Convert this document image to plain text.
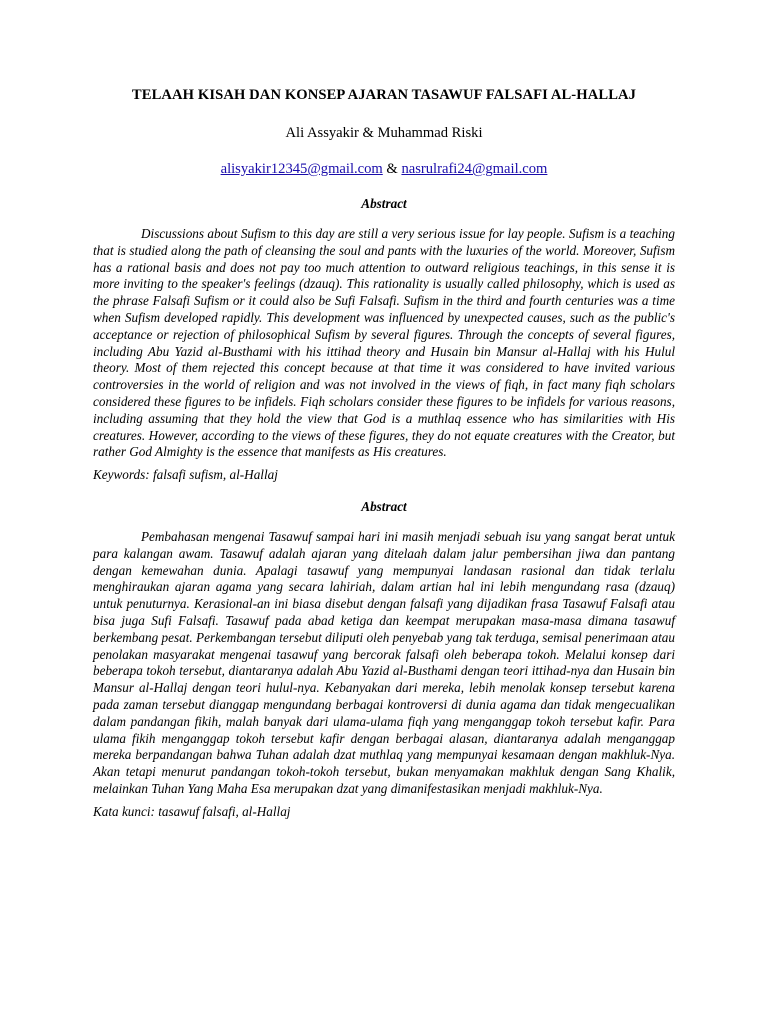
TELAAH KISAH DAN KONSEP AJARAN TASAWUF FALSAFI AL-HALLAJ

Ali Assyakir & Muhammad Riski

alisyakir12345@gmail.com & nasrulrafi24@gmail.com

Abstract

Discussions about Sufism to this day are still a very serious issue for lay people. Sufism is a teaching that is studied along the path of cleansing the soul and pants with the luxuries of the world. Moreover, Sufism has a rational basis and does not pay too much attention to outward religious teachings, in this sense it is more inviting to the speaker's feelings (dzauq). This rationality is usually called philosophy, which is used as the phrase Falsafi Sufism or it could also be Sufi Falsafi. Sufism in the third and fourth centuries was a time when Sufism developed rapidly. This development was influenced by unexpected causes, such as the public's acceptance or rejection of philosophical Sufism by several figures. Through the concepts of several figures, including Abu Yazid al-Busthami with his ittihad theory and Husain bin Mansur al-Hallaj with his Hulul theory. Most of them rejected this concept because at that time it was considered to have invited various controversies in the world of religion and was not involved in the views of fiqh, in fact many fiqh scholars considered these figures to be infidels. Fiqh scholars consider these figures to be infidels for various reasons, including assuming that they hold the view that God is a muthlaq essence who has similarities with His creatures. However, according to the views of these figures, they do not equate creatures with the Creator, but rather God Almighty is the essence that manifests as His creatures.

Keywords: falsafi sufism, al-Hallaj

Abstract

Pembahasan mengenai Tasawuf sampai hari ini masih menjadi sebuah isu yang sangat berat untuk para kalangan awam. Tasawuf adalah ajaran yang ditelaah dalam jalur pembersihan jiwa dan pantang dengan kemewahan dunia. Apalagi tasawuf yang mempunyai landasan rasional dan tidak terlalu menghiraukan ajaran agama yang secara lahiriah, dalam artian hal ini lebih mengundang rasa (dzauq) untuk penuturnya. Kerasional-an ini biasa disebut dengan falsafi yang dijadikan frasa Tasawuf Falsafi atau bisa juga Sufi Falsafi. Tasawuf pada abad ketiga dan keempat merupakan masa-masa dimana tasawuf berkembang pesat. Perkembangan tersebut diliputi oleh penyebab yang tak terduga, semisal penerimaan atau penolakan masyarakat mengenai tasawuf yang bercorak falsafi oleh beberapa tokoh. Melalui konsep dari beberapa tokoh tersebut, diantaranya adalah Abu Yazid al-Busthami dengan teori ittihad-nya dan Husain bin Mansur al-Hallaj dengan teori hulul-nya. Kebanyakan dari mereka, lebih menolak konsep tersebut karena pada zaman tersebut dianggap mengundang berbagai kontroversi di dunia agama dan tidak mengecualikan dalam pandangan fikih, malah banyak dari ulama-ulama fiqh yang menganggap tokoh tersebut kafir. Para ulama fikih menganggap tokoh tersebut kafir dengan berbagai alasan, diantaranya adalah menganggap mereka berpandangan bahwa Tuhan adalah dzat muthlaq yang mempunyai kesamaan dengan makhluk-Nya. Akan tetapi menurut pandangan tokoh-tokoh tersebut, bukan menyamakan makhluk dengan Sang Khalik, melainkan Tuhan Yang Maha Esa merupakan dzat yang dimanifestasikan menjadi makhluk-Nya.

Kata kunci: tasawuf falsafi, al-Hallaj
